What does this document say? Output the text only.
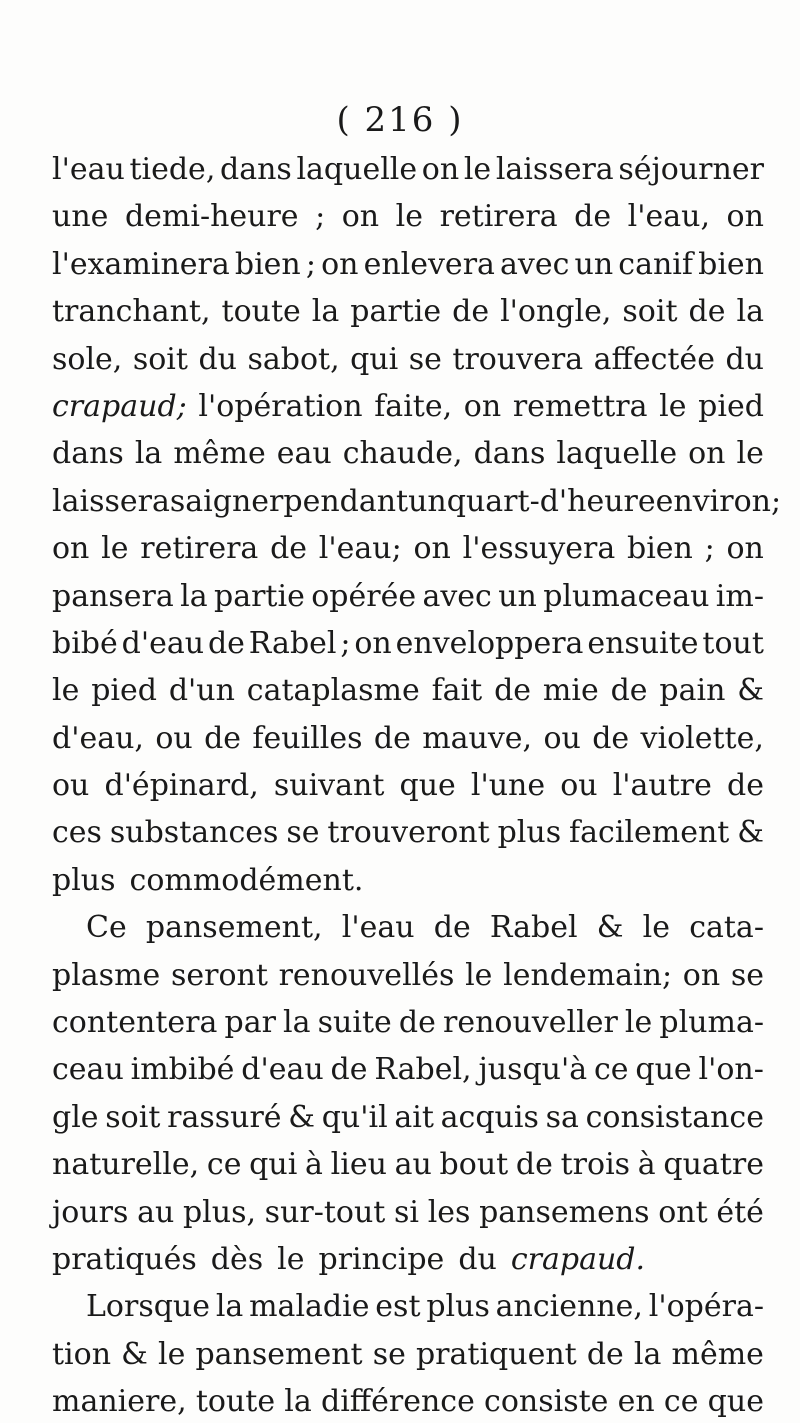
( 216 )
l'eau tiede, dans laquelle on le laissera séjourner
une demi-heure ; on le retirera de l'eau, on
l'examinera bien ; on enlevera avec un canif bien
tranchant, toute la partie de l'ongle, soit de la
sole, soit du sabot, qui se trouvera affectée du
crapaud; l'opération faite, on remettra le pied
dans la même eau chaude, dans laquelle on le
laissera saigner pendant un quart-d'heure environ;
on le retirera de l'eau; on l'essuyera bien ; on
pansera la partie opérée avec un plumaceau im-
bibé d'eau de Rabel ; on enveloppera ensuite tout
le pied d'un cataplasme fait de mie de pain &
d'eau, ou de feuilles de mauve, ou de violette,
ou d'épinard, suivant que l'une ou l'autre de
ces substances se trouveront plus facilement &
plus commodément.
Ce pansement, l'eau de Rabel & le cata-
plasme seront renouvellés le lendemain; on se
contentera par la suite de renouveller le pluma-
ceau imbibé d'eau de Rabel, jusqu'à ce que l'on-
gle soit rassuré & qu'il ait acquis sa consistance
naturelle, ce qui à lieu au bout de trois à quatre
jours au plus, sur-tout si les pansemens ont été
pratiqués dès le principe du crapaud.
Lorsque la maladie est plus ancienne, l'opéra-
tion & le pansement se pratiquent de la même
maniere, toute la différence consiste en ce que
